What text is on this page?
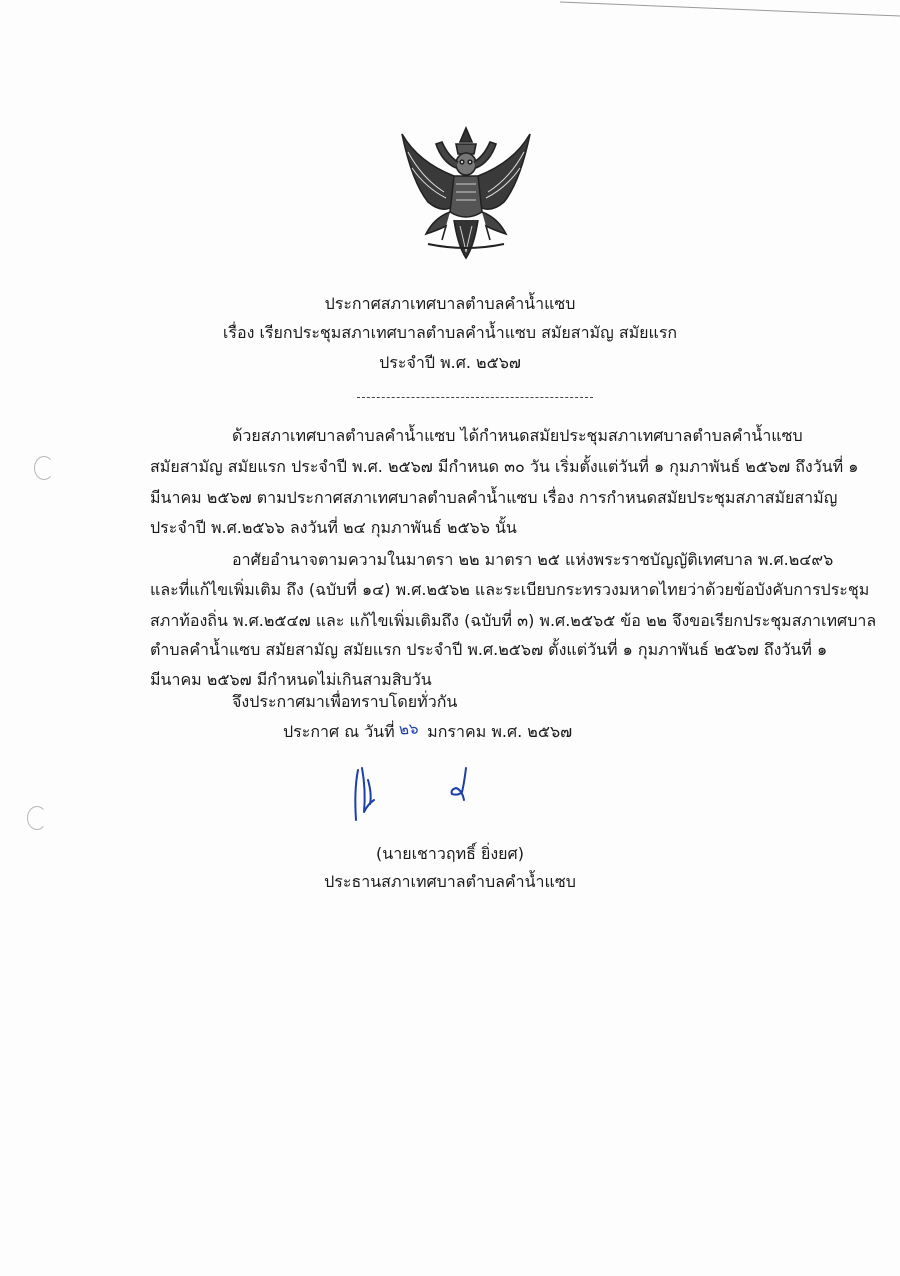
ประกาศสภาเทศบาลตำบลคำน้ำแซบ
เรื่อง เรียกประชุมสภาเทศบาลตำบลคำน้ำแซบ สมัยสามัญ สมัยแรก
ประจำปี พ.ศ. ๒๕๖๗
ด้วยสภาเทศบาลตำบลคำน้ำแซบ ได้กำหนดสมัยประชุมสภาเทศบาลตำบลคำน้ำแซบ
สมัยสามัญ สมัยแรก ประจำปี พ.ศ. ๒๕๖๗ มีกำหนด ๓๐ วัน เริ่มตั้งแต่วันที่ ๑ กุมภาพันธ์ ๒๕๖๗ ถึงวันที่ ๑
มีนาคม ๒๕๖๗ ตามประกาศสภาเทศบาลตำบลคำน้ำแซบ เรื่อง การกำหนดสมัยประชุมสภาสมัยสามัญ
ประจำปี พ.ศ.๒๕๖๖ ลงวันที่ ๒๔ กุมภาพันธ์ ๒๕๖๖ นั้น
อาศัยอำนาจตามความในมาตรา ๒๒ มาตรา ๒๕ แห่งพระราชบัญญัติเทศบาล พ.ศ.๒๔๙๖
และที่แก้ไขเพิ่มเติม ถึง (ฉบับที่ ๑๔) พ.ศ.๒๕๖๒ และระเบียบกระทรวงมหาดไทยว่าด้วยข้อบังคับการประชุม
สภาท้องถิ่น พ.ศ.๒๕๔๗ และ แก้ไขเพิ่มเติมถึง (ฉบับที่ ๓) พ.ศ.๒๕๖๕ ข้อ ๒๒ จึงขอเรียกประชุมสภาเทศบาล
ตำบลคำน้ำแซบ สมัยสามัญ สมัยแรก ประจำปี พ.ศ.๒๕๖๗ ตั้งแต่วันที่ ๑ กุมภาพันธ์ ๒๕๖๗ ถึงวันที่ ๑
มีนาคม ๒๕๖๗ มีกำหนดไม่เกินสามสิบวัน
จึงประกาศมาเพื่อทราบโดยทั่วกัน
ประกาศ ณ วันที่ ๒๖ มกราคม พ.ศ. ๒๕๖๗
(นายเชาวฤทธิ์ ยิ่งยศ)
ประธานสภาเทศบาลตำบลคำน้ำแซบ
